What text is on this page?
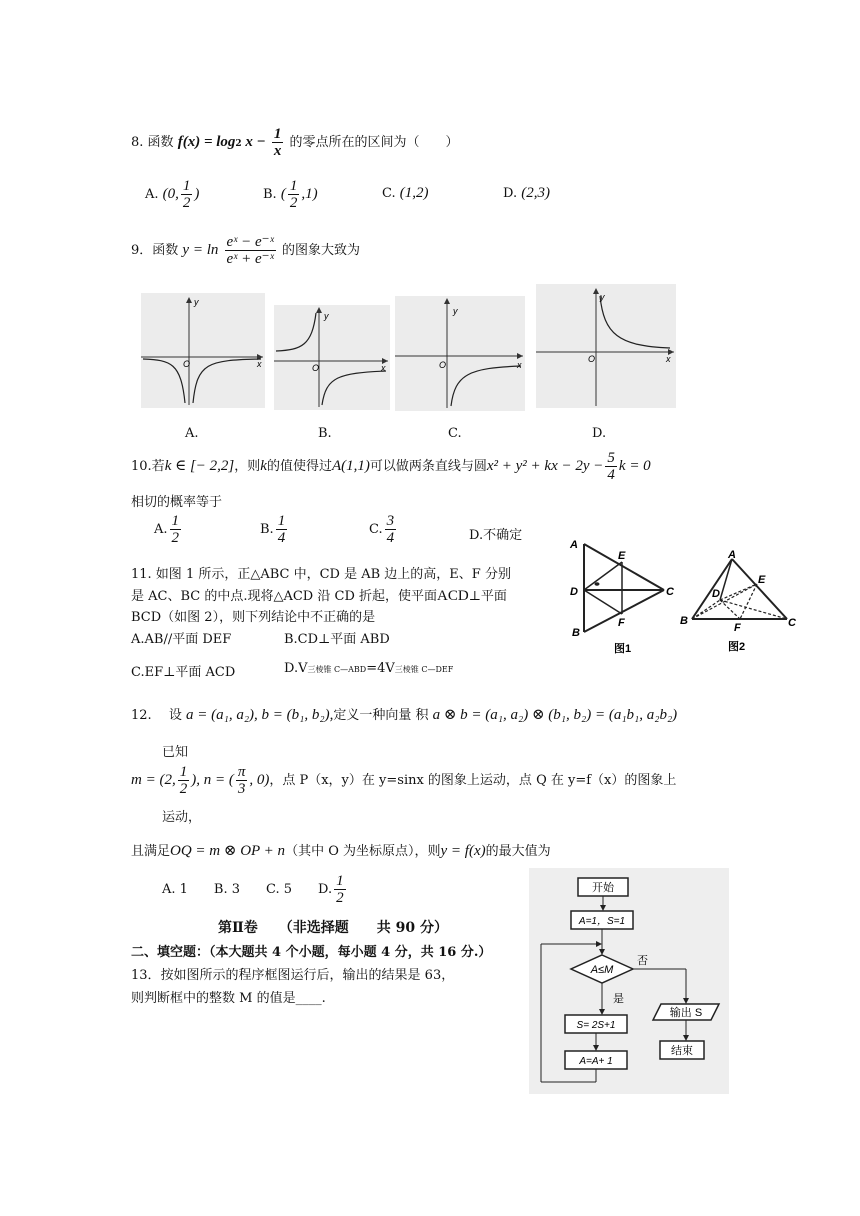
8. 函数 f(x) = log2 $x - \frac{1}{x}$ 的零点所在的区间为（　　）
A. (0, $\frac{1}{2}$ )	B. ( $\frac{1}{2} ,1$)	C. (1,2)	D. (2,3)
9．函数 $y = \ln \frac{\text{eˣ − e⁻ˣ}}{\text{eˣ + e⁻ˣ}}$ 的图象大致为
y
O	x
y
O	x
y
O	x
y
O	x
A.	B.	C.	D.
10.若k ∈ [− 2,2]，则k的值使得过A(1,1)可以做两条直线与圆x² + y² + kx − $2y - \frac{5}{4}$ k = 0
相切的概率等于
A. $\frac{1}{2}$	B. $\frac{1}{4}$	C. $\frac{3}{4}$	D.不确定
11. 如图 1 所示，正△ABC 中，CD 是 AB 边上的高，E、F 分别
是 AC、BC 的中点.现将△ACD 沿 CD 折起，使平面ACD⊥平面
BCD（如图 2），则下列结论中不正确的是
A.AB//平面 DEF	B.CD⊥平面 ABD
C.EF⊥平面 ACD	D.V三棱锥 C—ABD=4V三棱锥 C—DEF
A
E
D	C
F
B
图1
A
E
D
B
F	C
图2
12.　 设 a = (a₁, a₂), b = (b₁, b₂),定义一种向量 积 a ⊗ b = (a₁, a₂) ⊗ (b₁, b₂) = (a₁b₁, a₂b₂)
已知
m = (2, $\frac{1}{2}$ ), n = ( $\frac{\pi}{3}$ , 0)，点 P（x，y）在 y=sinx 的图象上运动，点 Q 在 y=f（x）的图象上
运动，
且满足OQ = m ⊗ OP + n（其中 O 为坐标原点），则y = f(x)的最大值为
A. 1　　B. 3　　C. 5　　D. $\frac{1}{2}$
第Ⅱ卷　　（非选择题　　共 90 分）
二、填空题：（本大题共 4 个小题，每小题 4 分，共 16 分.）
13．按如图所示的程序框图运行后，输出的结果是 63，
则判断框中的整数 M 的值是____.
开始
A=1，S=1
A≤M
否
是
S= 2S+1
输出 S
结束
A=A+ 1
